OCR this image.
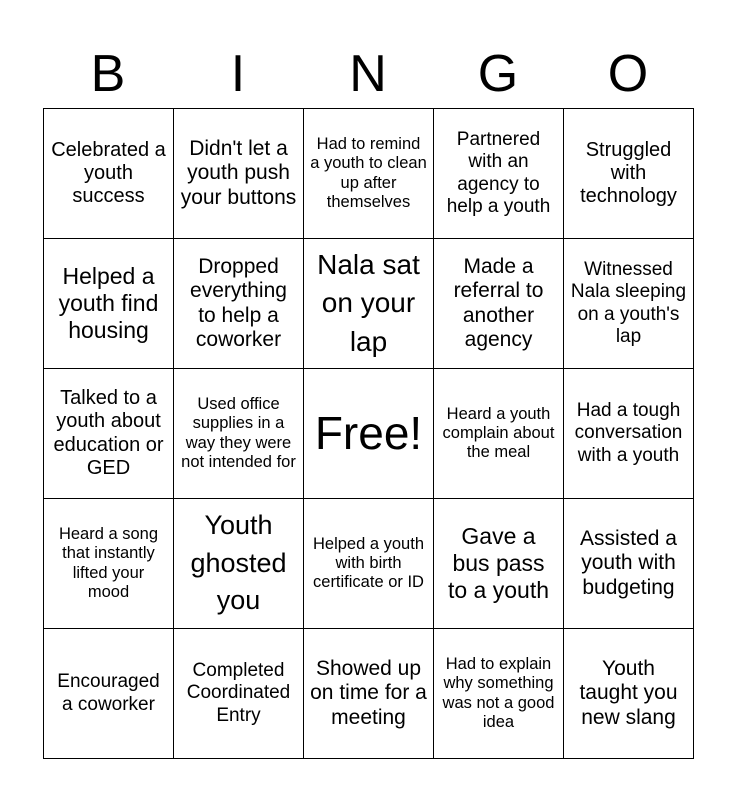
B	I	N	G	O
Celebrated a youth success	Didn't let a youth push your buttons	Had to remind a youth to clean up after themselves	Partnered with an agency to help a youth	Struggled with technology
Helped a youth find housing	Dropped everything to help a coworker	Nala sat on your lap	Made a referral to another agency	Witnessed Nala sleeping on a youth's lap
Talked to a youth about education or GED	Used office supplies in a way they were not intended for	Free!	Heard a youth complain about the meal	Had a tough conversation with a youth
Heard a song that instantly lifted your mood	Youth ghosted you	Helped a youth with birth certificate or ID	Gave a bus pass to a youth	Assisted a youth with budgeting
Encouraged a coworker	Completed Coordinated Entry	Showed up on time for a meeting	Had to explain why something was not a good idea	Youth taught you new slang
